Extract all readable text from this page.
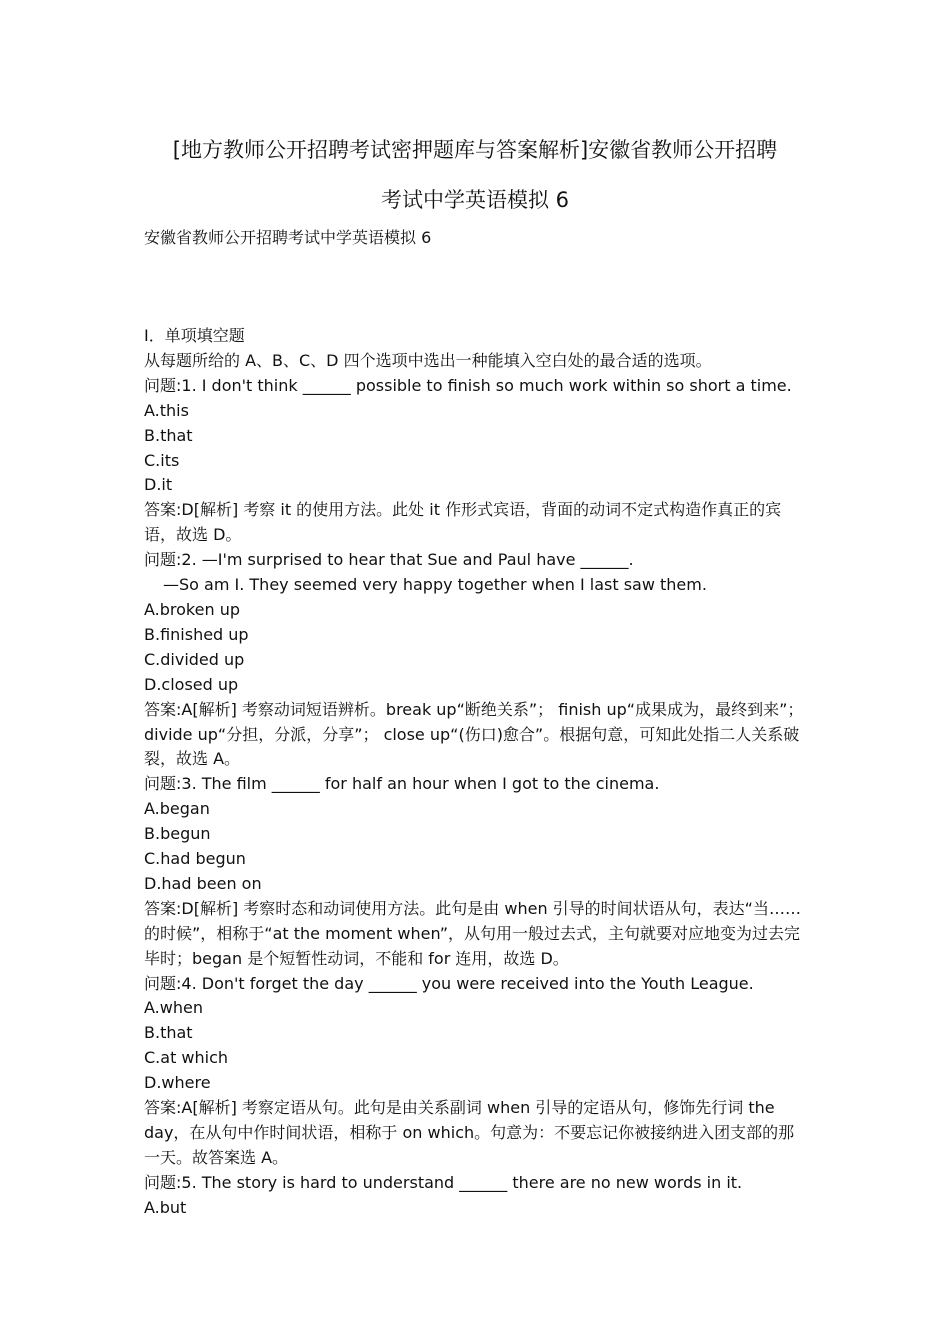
[地方教师公开招聘考试密押题库与答案解析]安徽省教师公开招聘
考试中学英语模拟 6
安徽省教师公开招聘考试中学英语模拟 6
Ⅰ．单项填空题
从每题所给的 A、B、C、D 四个选项中选出一种能填入空白处的最合适的选项。
问题:1. I don't think ______ possible to finish so much work within so short a time.
A.this
B.that
C.its
D.it
答案:D[解析] 考察 it 的使用方法。此处 it 作形式宾语，背面的动词不定式构造作真正的宾语，故选 D。
问题:2. —I'm surprised to hear that Sue and Paul have ______.
—So am I. They seemed very happy together when I last saw them.
A.broken up
B.finished up
C.divided up
D.closed up
答案:A[解析] 考察动词短语辨析。break up“断绝关系”； finish up“成果成为，最终到来”； divide up“分担，分派，分享”； close up“(伤口)愈合”。根据句意，可知此处指二人关系破裂，故选 A。
问题:3. The film ______ for half an hour when I got to the cinema.
A.began
B.begun
C.had begun
D.had been on
答案:D[解析] 考察时态和动词使用方法。此句是由 when 引导的时间状语从句，表达“当……的时候”，相称于“at the moment when”，从句用一般过去式，主句就要对应地变为过去完毕时；began 是个短暂性动词，不能和 for 连用，故选 D。
问题:4. Don't forget the day ______ you were received into the Youth League.
A.when
B.that
C.at which
D.where
答案:A[解析] 考察定语从句。此句是由关系副词 when 引导的定语从句，修饰先行词 the day，在从句中作时间状语，相称于 on which。句意为：不要忘记你被接纳进入团支部的那一天。故答案选 A。
问题:5. The story is hard to understand ______ there are no new words in it.
A.but
